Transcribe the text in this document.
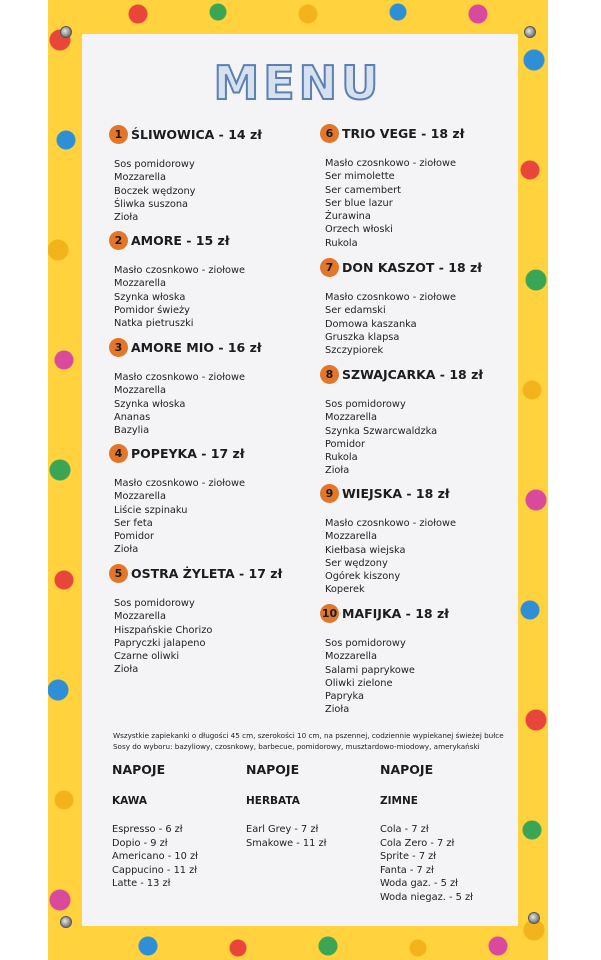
MENU
1 ŚLIWOWICA - 14 zł
Sos pomidorowy
Mozzarella
Boczek wędzony
Śliwka suszona
Zioła
2 AMORE - 15 zł
Masło czosnkowo - ziołowe
Mozzarella
Szynka włoska
Pomidor świeży
Natka pietruszki
3 AMORE MIO - 16 zł
Masło czosnkowo - ziołowe
Mozzarella
Szynka włoska
Ananas
Bazylia
4 POPEYKA - 17 zł
Masło czosnkowo - ziołowe
Mozzarella
Liście szpinaku
Ser feta
Pomidor
Zioła
5 OSTRA ŻYLETA - 17 zł
Sos pomidorowy
Mozzarella
Hiszpańskie Chorizo
Papryczki jalapeno
Czarne oliwki
Zioła
6 TRIO VEGE - 18 zł
Masło czosnkowo - ziołowe
Ser mimolette
Ser camembert
Ser blue lazur
Żurawina
Orzech włoski
Rukola
7 DON KASZOT - 18 zł
Masło czosnkowo - ziołowe
Ser edamski
Domowa kaszanka
Gruszka klapsa
Szczypiorek
8 SZWAJCARKA - 18 zł
Sos pomidorowy
Mozzarella
Szynka Szwarcwaldzka
Pomidor
Rukola
Zioła
9 WIEJSKA - 18 zł
Masło czosnkowo - ziołowe
Mozzarella
Kiełbasa wiejska
Ser wędzony
Ogórek kiszony
Koperek
10 MAFIJKA - 18 zł
Sos pomidorowy
Mozzarella
Salami paprykowe
Oliwki zielone
Papryka
Zioła
Wszystkie zapiekanki o długości 45 cm, szerokości 10 cm, na pszennej, codziennie wypiekanej świeżej bułce
Sosy do wyboru: bazyliowy, czosnkowy, barbecue, pomidorowy, musztardowo-miodowy, amerykański
NAPOJE
KAWA
Espresso - 6 zł
Dopio - 9 zł
Americano - 10 zł
Cappucino - 11 zł
Latte - 13 zł
NAPOJE
HERBATA
Earl Grey - 7 zł
Smakowe - 11 zł
NAPOJE
ZIMNE
Cola - 7 zł
Cola Zero - 7 zł
Sprite - 7 zł
Fanta - 7 zł
Woda gaz. - 5 zł
Woda niegaz. - 5 zł
